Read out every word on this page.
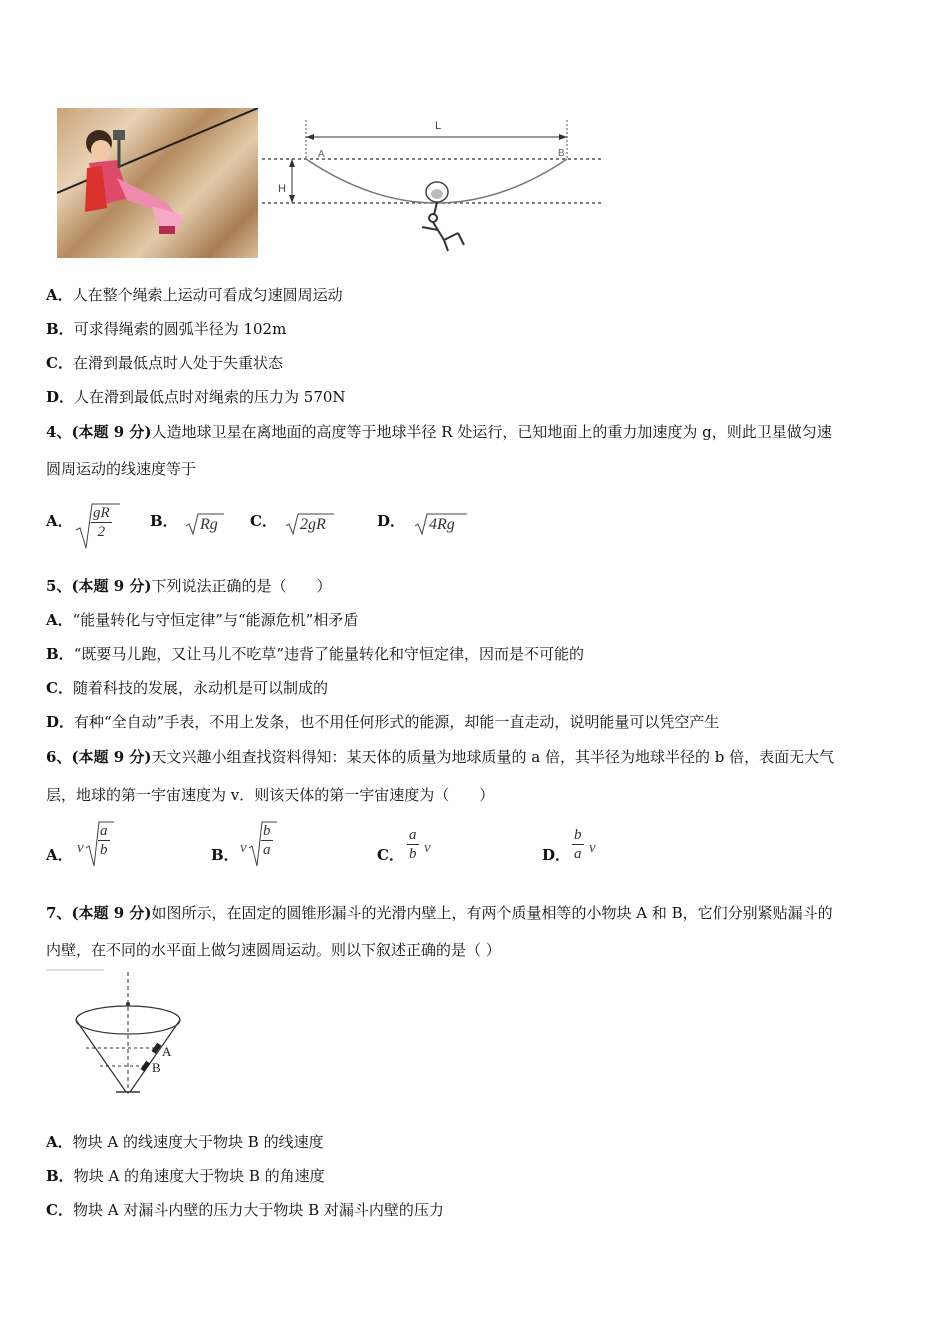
L
A	B
H
A．人在整个绳索上运动可看成匀速圆周运动
B．可求得绳索的圆弧半径为 102m
C．在滑到最低点时人处于失重状态
D．人在滑到最低点时对绳索的压力为 570N
4、(本题 9 分)人造地球卫星在离地面的高度等于地球半径 R 处运行，已知地面上的重力加速度为 g，则此卫星做匀速
圆周运动的线速度等于
A． $\frac{gR}{2}$	B． Rg C． 2gR	D． 4Rg
5、(本题 9 分)下列说法正确的是（　　）
A．“能量转化与守恒定律”与“能源危机”相矛盾
B．“既要马儿跑，又让马儿不吃草”违背了能量转化和守恒定律，因而是不可能的
C．随着科技的发展，永动机是可以制成的
D．有种“全自动”手表，不用上发条，也不用任何形式的能源，却能一直走动，说明能量可以凭空产生
6、(本题 9 分)天文兴趣小组查找资料得知：某天体的质量为地球质量的 a 倍，其半径为地球半径的 b 倍，表面无大气
层，地球的第一宇宙速度为 v．则该天体的第一宇宙速度为（　　）
A． v $\frac{a}{b}$	B． v $\frac{b}{a}$	C． $\frac{a}{b}$ v	D． $\frac{b}{a}$ v
7、(本题 9 分)如图所示，在固定的圆锥形漏斗的光滑内壁上，有两个质量相等的小物块 A 和 B，它们分别紧贴漏斗的
内壁，在不同的水平面上做匀速圆周运动。则以下叙述正确的是（ ）
A
B
A．物块 A 的线速度大于物块 B 的线速度
B．物块 A 的角速度大于物块 B 的角速度
C．物块 A 对漏斗内壁的压力大于物块 B 对漏斗内壁的压力
